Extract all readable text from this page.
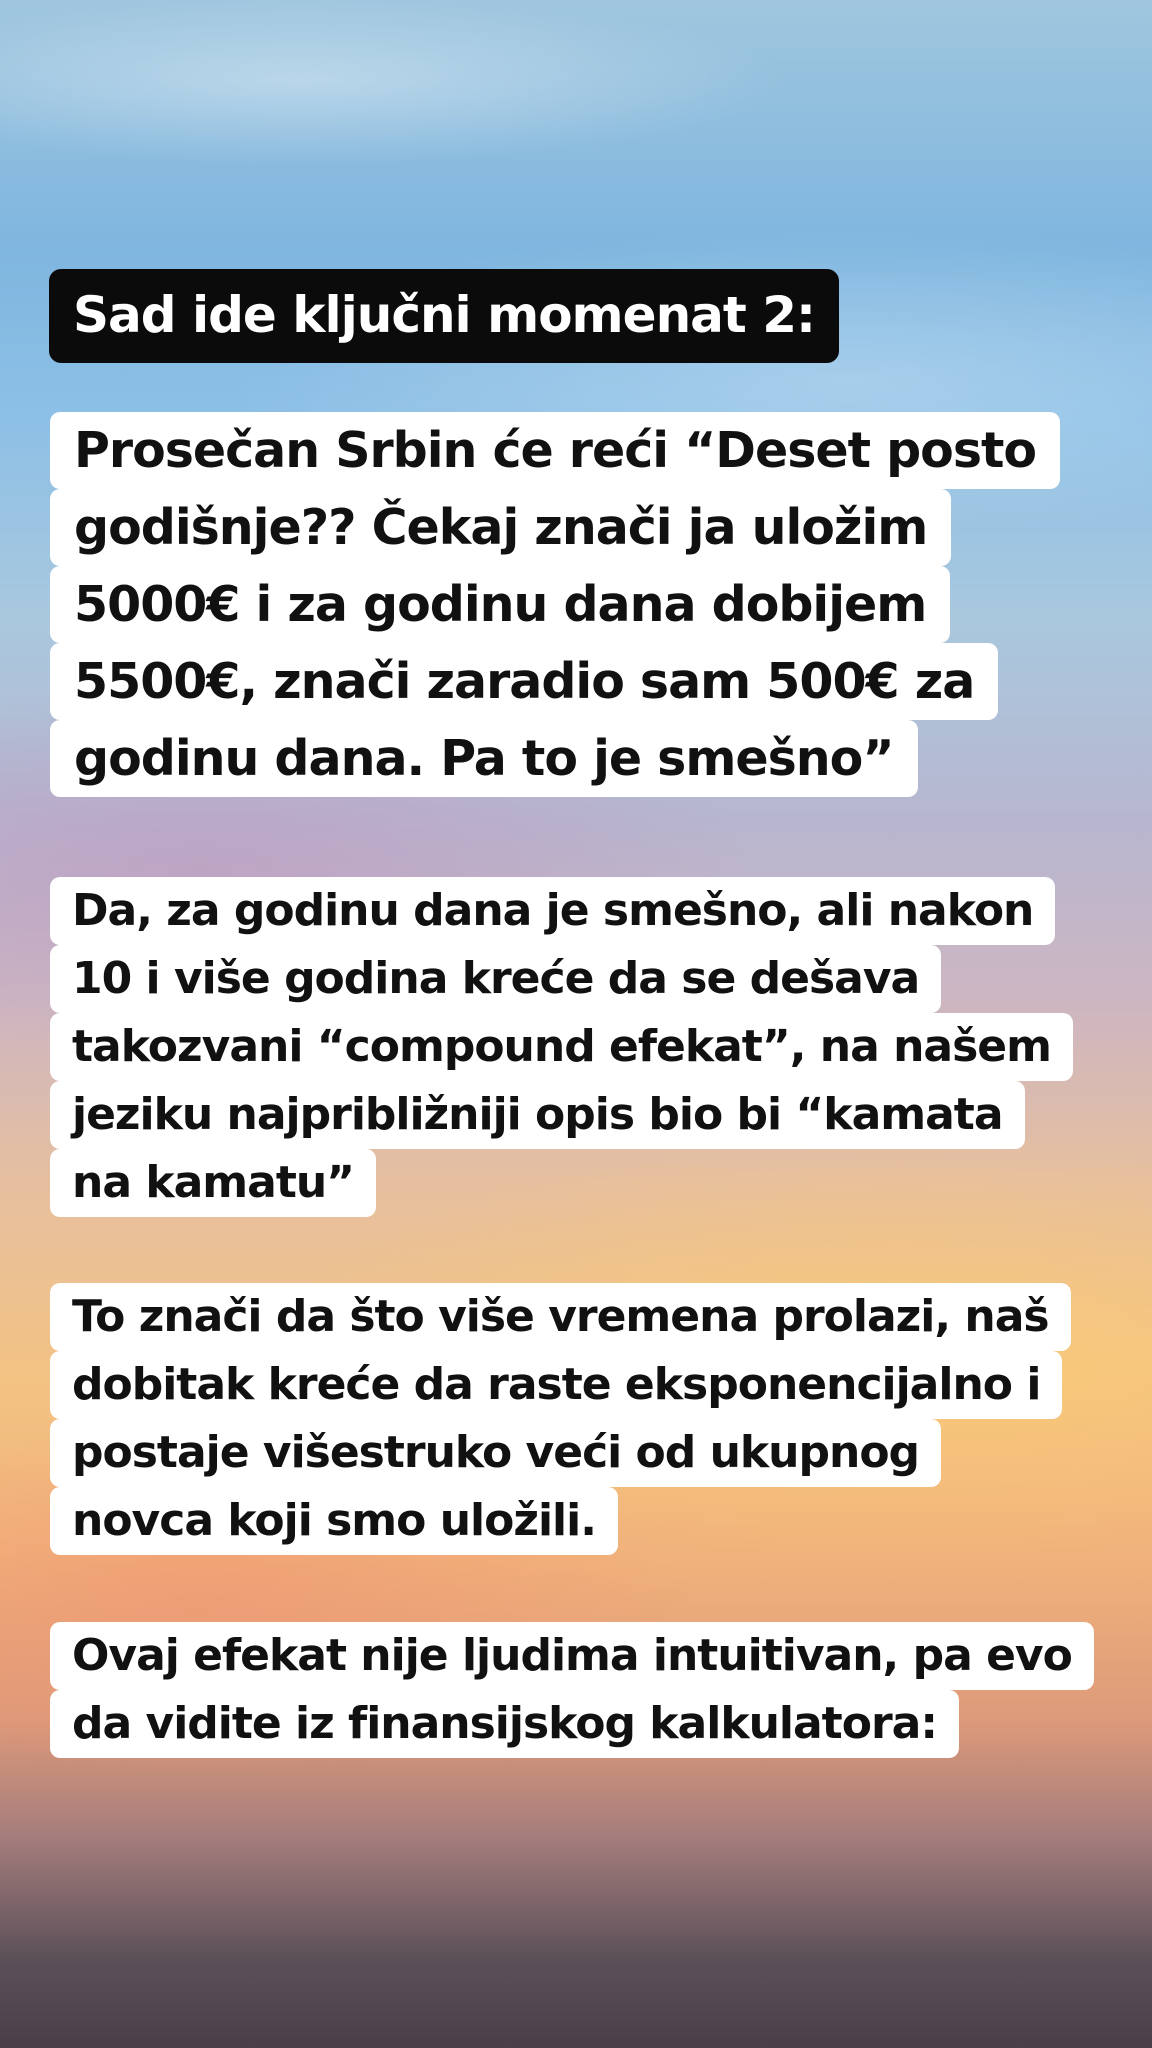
Sad ide ključni momenat 2:
Prosečan Srbin će reći “Deset posto
godišnje?? Čekaj znači ja uložim
5000€ i za godinu dana dobijem
5500€, znači zaradio sam 500€ za
godinu dana. Pa to je smešno”
Da, za godinu dana je smešno, ali nakon
10 i više godina kreće da se dešava
takozvani “compound efekat”, na našem
jeziku najpribližniji opis bio bi “kamata
na kamatu”
To znači da što više vremena prolazi, naš
dobitak kreće da raste eksponencijalno i
postaje višestruko veći od ukupnog
novca koji smo uložili.
Ovaj efekat nije ljudima intuitivan, pa evo
da vidite iz finansijskog kalkulatora:
